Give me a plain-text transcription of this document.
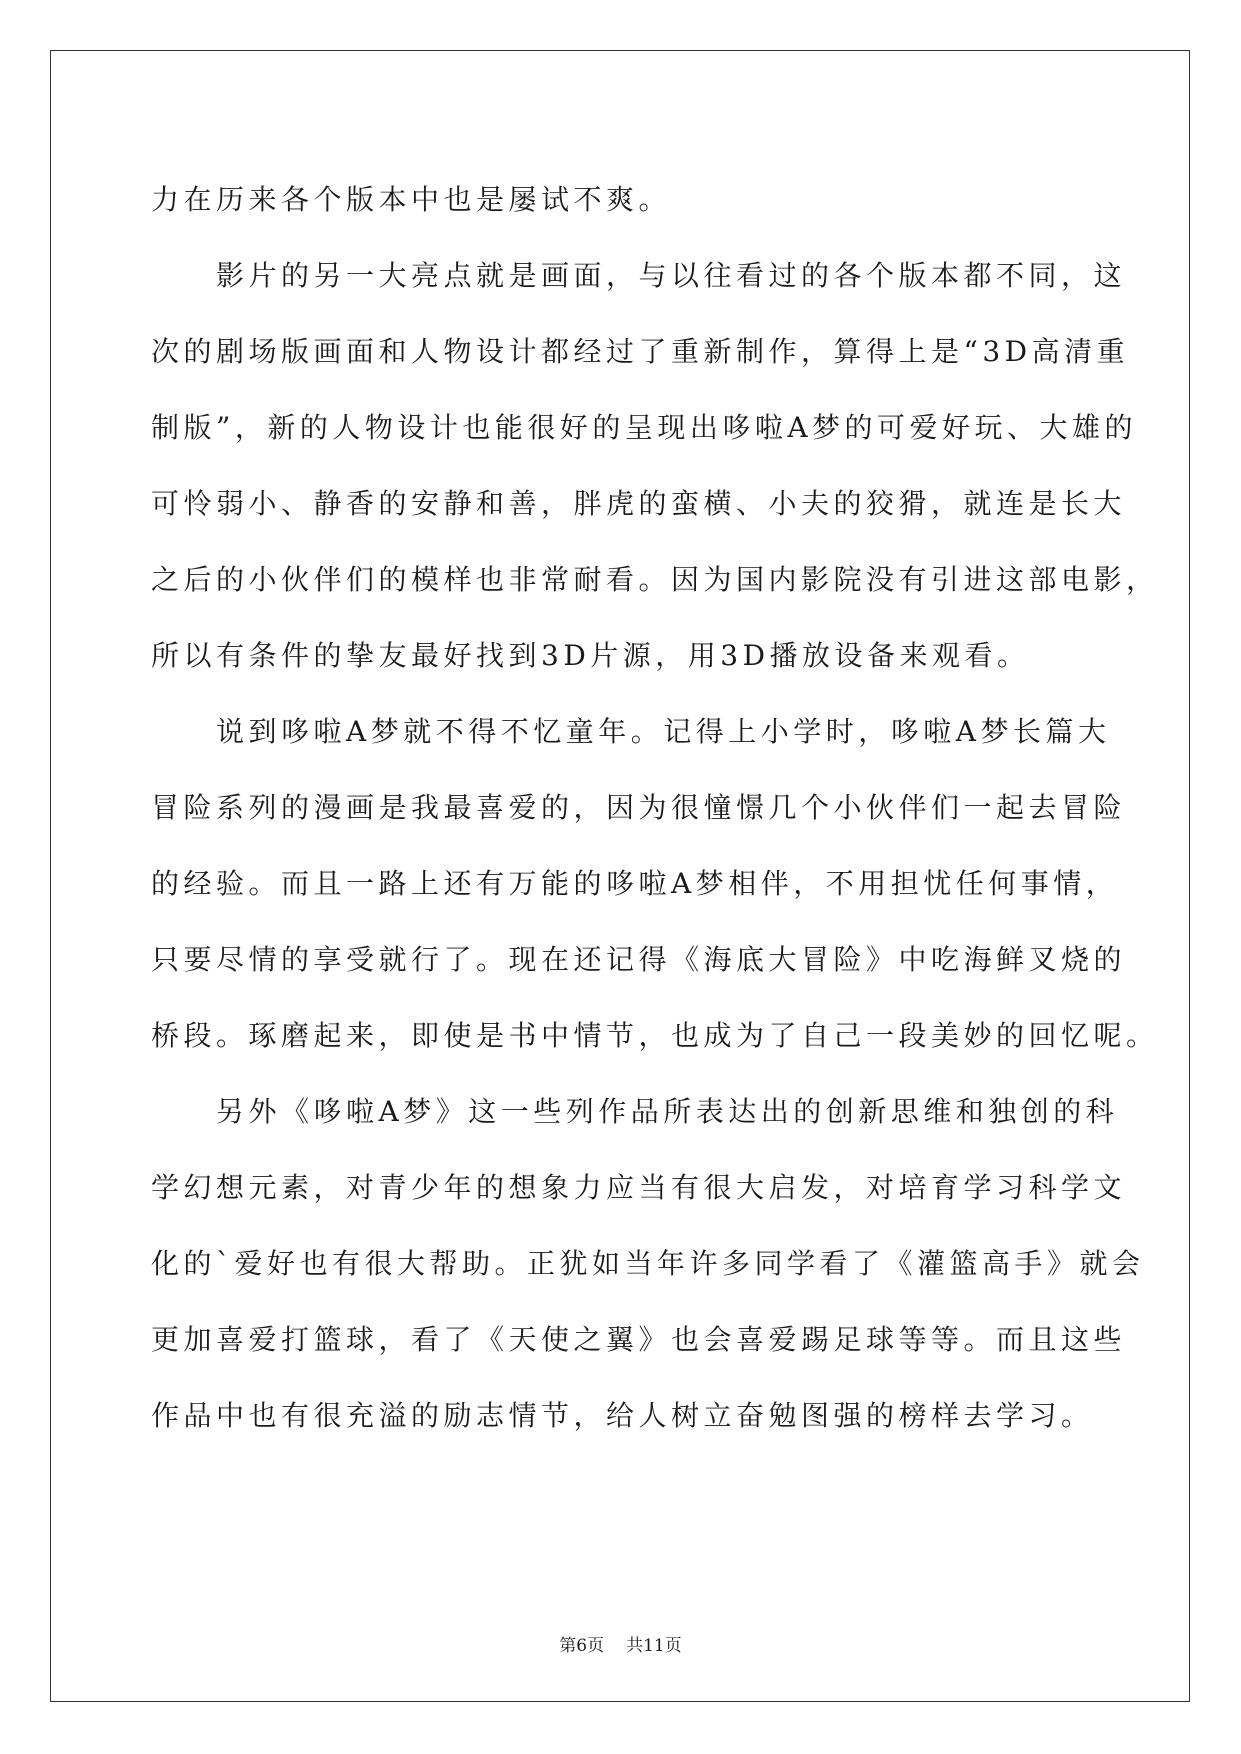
力在历来各个版本中也是屡试不爽。
影片的另一大亮点就是画面，与以往看过的各个版本都不同，这
次的剧场版画面和人物设计都经过了重新制作，算得上是“3D高清重
制版”，新的人物设计也能很好的呈现出哆啦A梦的可爱好玩、大雄的
可怜弱小、静香的安静和善，胖虎的蛮横、小夫的狡猾，就连是长大
之后的小伙伴们的模样也非常耐看。因为国内影院没有引进这部电影，
所以有条件的挚友最好找到3D片源，用3D播放设备来观看。
说到哆啦A梦就不得不忆童年。记得上小学时，哆啦A梦长篇大
冒险系列的漫画是我最喜爱的，因为很憧憬几个小伙伴们一起去冒险
的经验。而且一路上还有万能的哆啦A梦相伴，不用担忧任何事情，
只要尽情的享受就行了。现在还记得《海底大冒险》中吃海鲜叉烧的
桥段。琢磨起来，即使是书中情节，也成为了自己一段美妙的回忆呢。
另外《哆啦A梦》这一些列作品所表达出的创新思维和独创的科
学幻想元素，对青少年的想象力应当有很大启发，对培育学习科学文
化的`爱好也有很大帮助。正犹如当年许多同学看了《灌篮高手》就会
更加喜爱打篮球，看了《天使之翼》也会喜爱踢足球等等。而且这些
作品中也有很充溢的励志情节，给人树立奋勉图强的榜样去学习。
第6页 共11页
